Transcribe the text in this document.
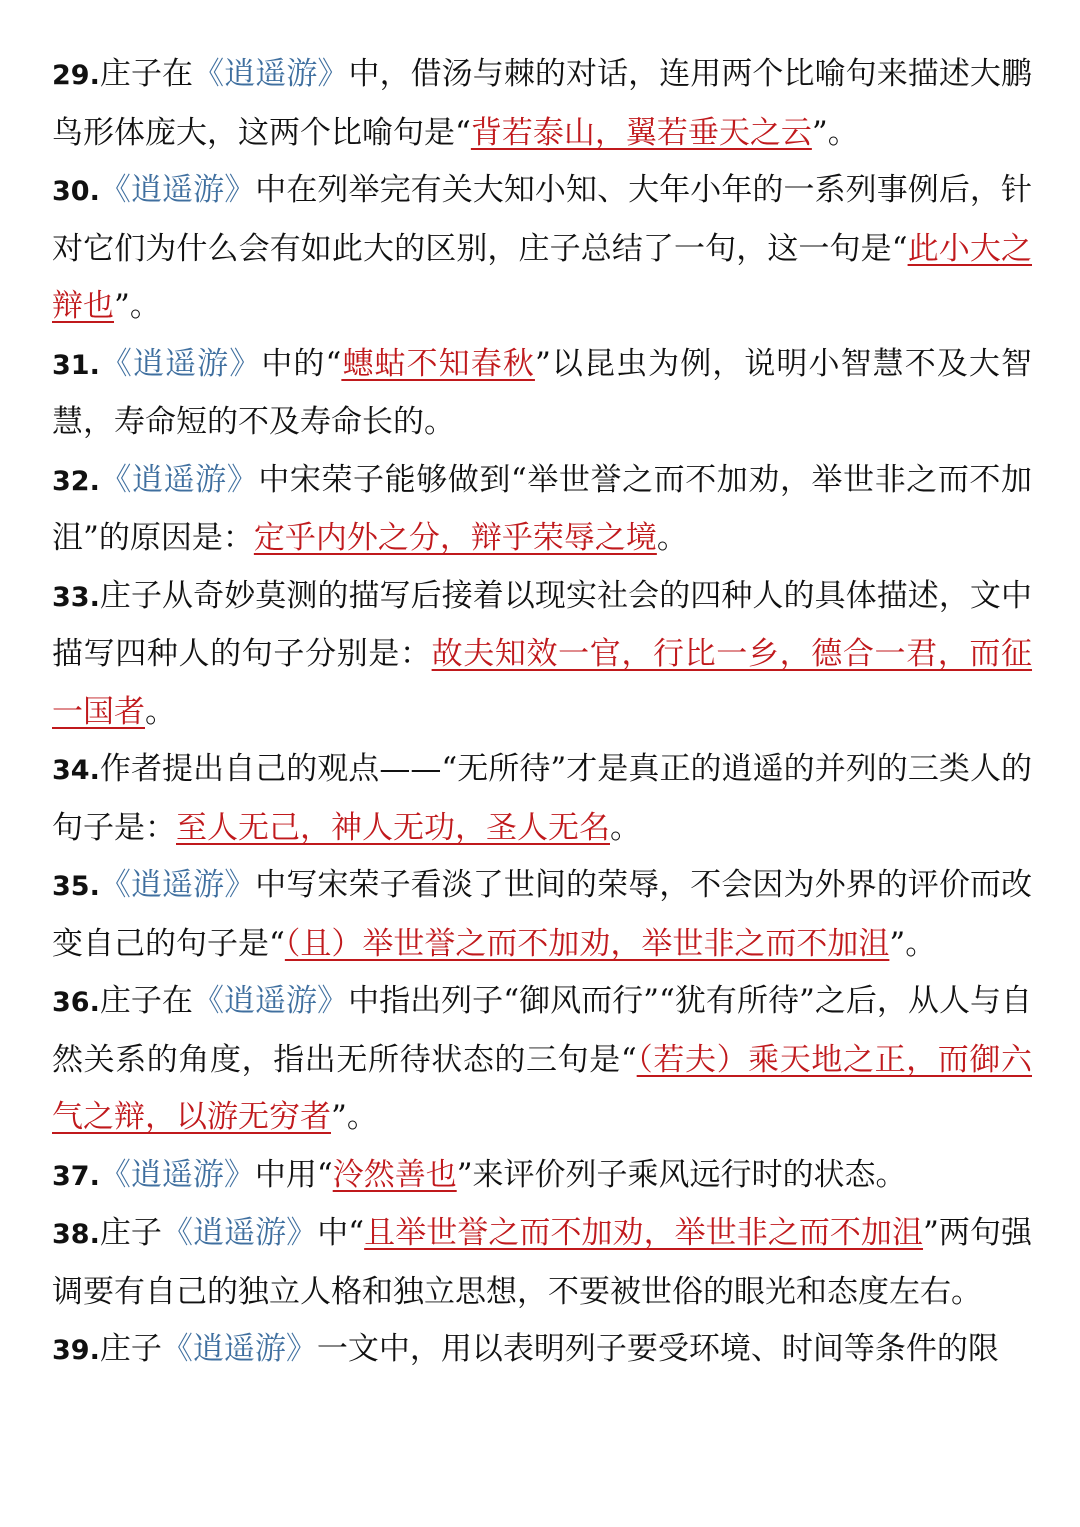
29.庄子在《逍遥游》中，借汤与棘的对话，连用两个比喻句来描述大鹏鸟形体庞大，这两个比喻句是“背若泰山，翼若垂天之云”。

30.《逍遥游》中在列举完有关大知小知、大年小年的一系列事例后，针对它们为什么会有如此大的区别，庄子总结了一句，这一句是“此小大之辩也”。

31.《逍遥游》中的“蟪蛄不知春秋”以昆虫为例，说明小智慧不及大智慧，寿命短的不及寿命长的。

32.《逍遥游》中宋荣子能够做到“举世誉之而不加劝，举世非之而不加沮”的原因是：定乎内外之分，辩乎荣辱之境。

33.庄子从奇妙莫测的描写后接着以现实社会的四种人的具体描述，文中描写四种人的句子分别是：故夫知效一官，行比一乡，德合一君，而征一国者。

34.作者提出自己的观点——“无所待”才是真正的逍遥的并列的三类人的句子是：至人无己，神人无功，圣人无名。

35.《逍遥游》中写宋荣子看淡了世间的荣辱，不会因为外界的评价而改变自己的句子是“（且）举世誉之而不加劝，举世非之而不加沮”。

36.庄子在《逍遥游》中指出列子“御风而行”“犹有所待”之后，从人与自然关系的角度，指出无所待状态的三句是“（若夫）乘天地之正，而御六气之辩，以游无穷者”。

37.《逍遥游》中用“泠然善也”来评价列子乘风远行时的状态。

38.庄子《逍遥游》中“且举世誉之而不加劝，举世非之而不加沮”两句强调要有自己的独立人格和独立思想，不要被世俗的眼光和态度左右。

39.庄子《逍遥游》一文中，用以表明列子要受环境、时间等条件的限
